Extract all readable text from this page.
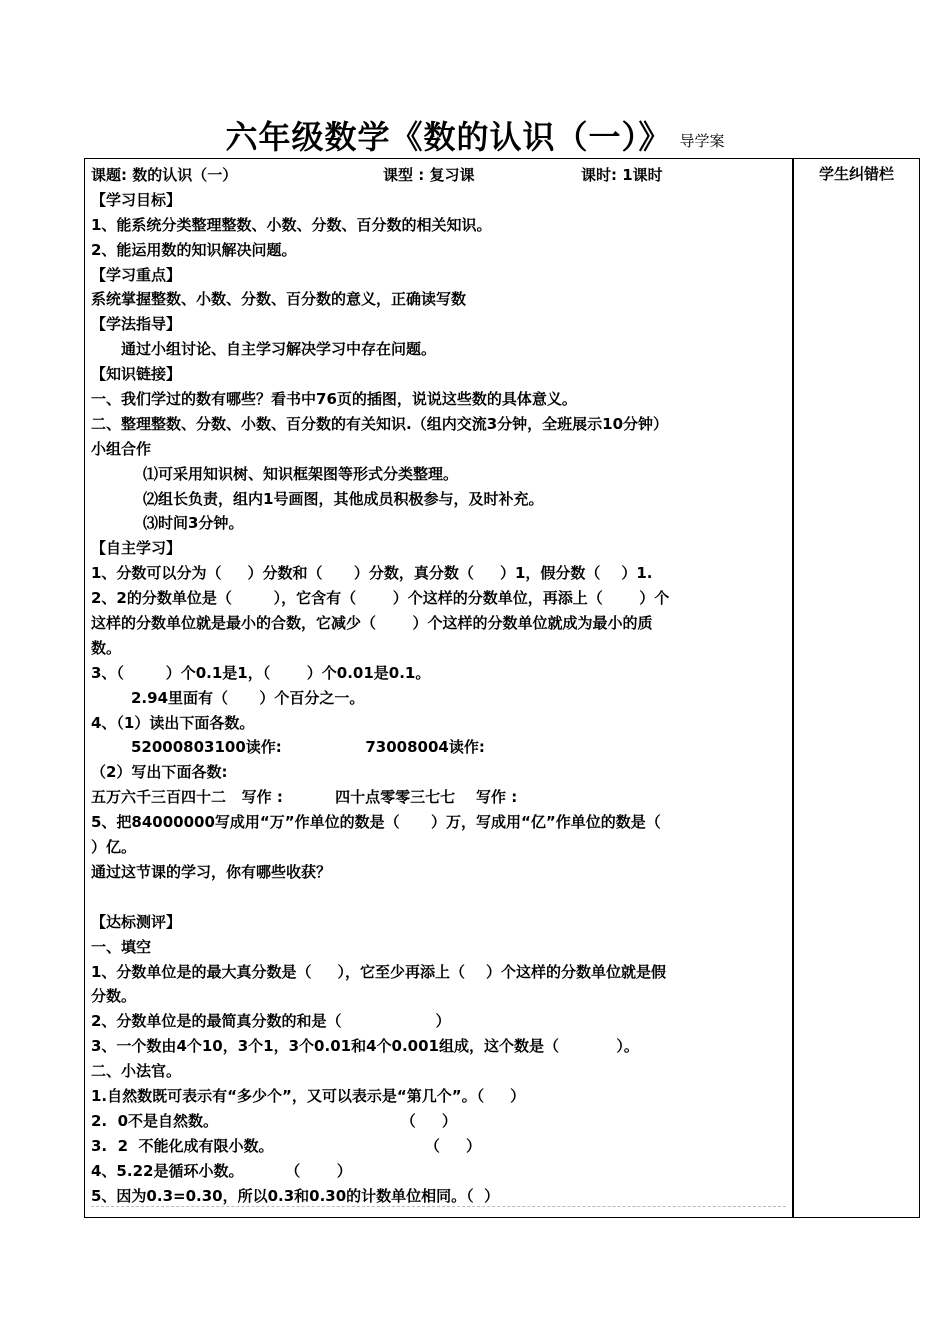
六年级数学《数的认识（一）》 导学案
学生纠错栏
课题: 数的认识（一）	课型 : 复习课	课时: 1课时
【学习目标】
1、能系统分类整理整数、小数、分数、百分数的相关知识。
2、能运用数的知识解决问题。
【学习重点】
系统掌握整数、小数、分数、百分数的意义，正确读写数
【学法指导】
通过小组讨论、自主学习解决学习中存在问题。
【知识链接】
一、我们学过的数有哪些？看书中76页的插图，说说这些数的具体意义。
二、整理整数、分数、小数、百分数的有关知识.（组内交流3分钟，全班展示10分钟）
小组合作
⑴可采用知识树、知识框架图等形式分类整理。
⑵组长负责，组内1号画图，其他成员积极参与，及时补充。
⑶时间3分钟。
【自主学习】
1、分数可以分为（     ）分数和（      ）分数，真分数（     ）1，假分数（    ）1.
2、2的分数单位是（        ），它含有（       ）个这样的分数单位，再添上（       ）个
这样的分数单位就是最小的合数，它减少（       ）个这样的分数单位就成为最小的质
数。
3、（        ）个0.1是1，（       ）个0.01是0.1。
2.94里面有（      ）个百分之一。
4、（1）读出下面各数。
52000803100读作:                73008004读作:
（2）写出下面各数:
五万六千三百四十二   写作 :          四十点零零三七七    写作 :
5、把84000000写成用“万”作单位的数是（      ）万，写成用“亿”作单位的数是（
）亿。
通过这节课的学习，你有哪些收获？
【达标测评】
一、填空
1、分数单位是的最大真分数是（     ），它至少再添上（    ）个这样的分数单位就是假
分数。
2、分数单位是的最简真分数的和是（                  ）
3、一个数由4个10，3个1，3个0.01和4个0.001组成，这个数是（           ）。
二、小法官。
1.自然数既可表示有“多少个”，又可以表示是“第几个”。（     ）
2.  0不是自然数。                                   （     ）
3.  2  不能化成有限小数。                             （     ）
4、5.22是循环小数。        （       ）
5、因为0.3=0.30，所以0.3和0.30的计数单位相同。（  ）
